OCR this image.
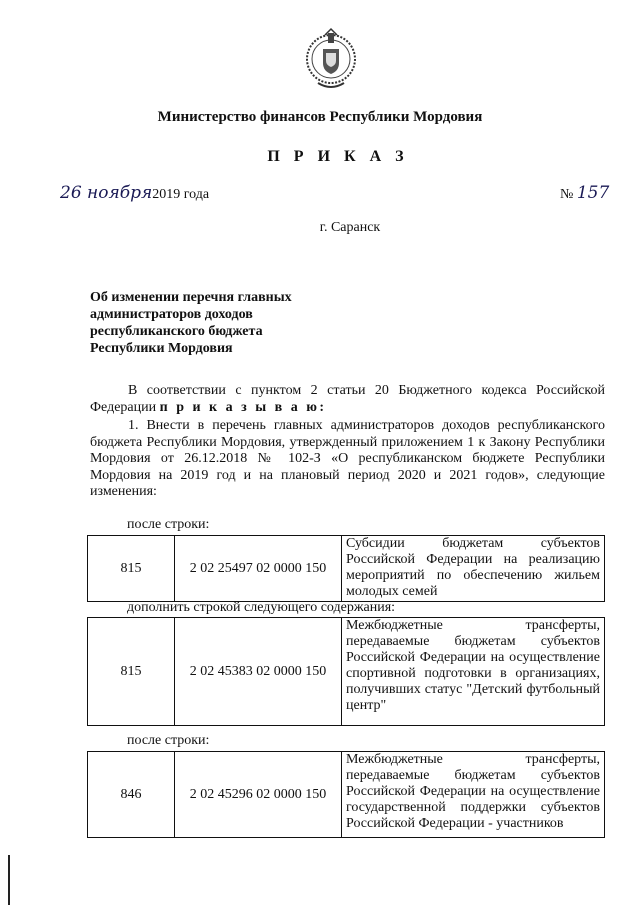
Министерство финансов Республики Мордовия
П Р И К А З
26 ноября2019 года	№ 157
г. Саранск
Об изменении перечня главных
администраторов доходов
республиканского бюджета
Республики Мордовия
В соответствии с пунктом 2 статьи 20 Бюджетного кодекса Российской Федерации п р и к а з ы в а ю:
1. Внести в перечень главных администраторов доходов республиканского бюджета Республики Мордовия, утвержденный приложением 1 к Закону Республики Мордовия от 26.12.2018 № 102-З «О республиканском бюджете Республики Мордовия на 2019 год и на плановый период 2020 и 2021 годов», следующие изменения:
после строки:
815	2 02 25497 02 0000 150	Субсидии бюджетам субъектов Российской Федерации на реализацию мероприятий по обеспечению жильем молодых семей
дополнить строкой следующего содержания:
815	2 02 45383 02 0000 150	Межбюджетные трансферты, передаваемые бюджетам субъектов Российской Федерации на осуществление спортивной подготовки в организациях, получивших статус "Детский футбольный центр"
после строки:
846	2 02 45296 02 0000 150	Межбюджетные трансферты, передаваемые бюджетам субъектов Российской Федерации на осуществление государственной поддержки субъектов Российской Федерации - участников
